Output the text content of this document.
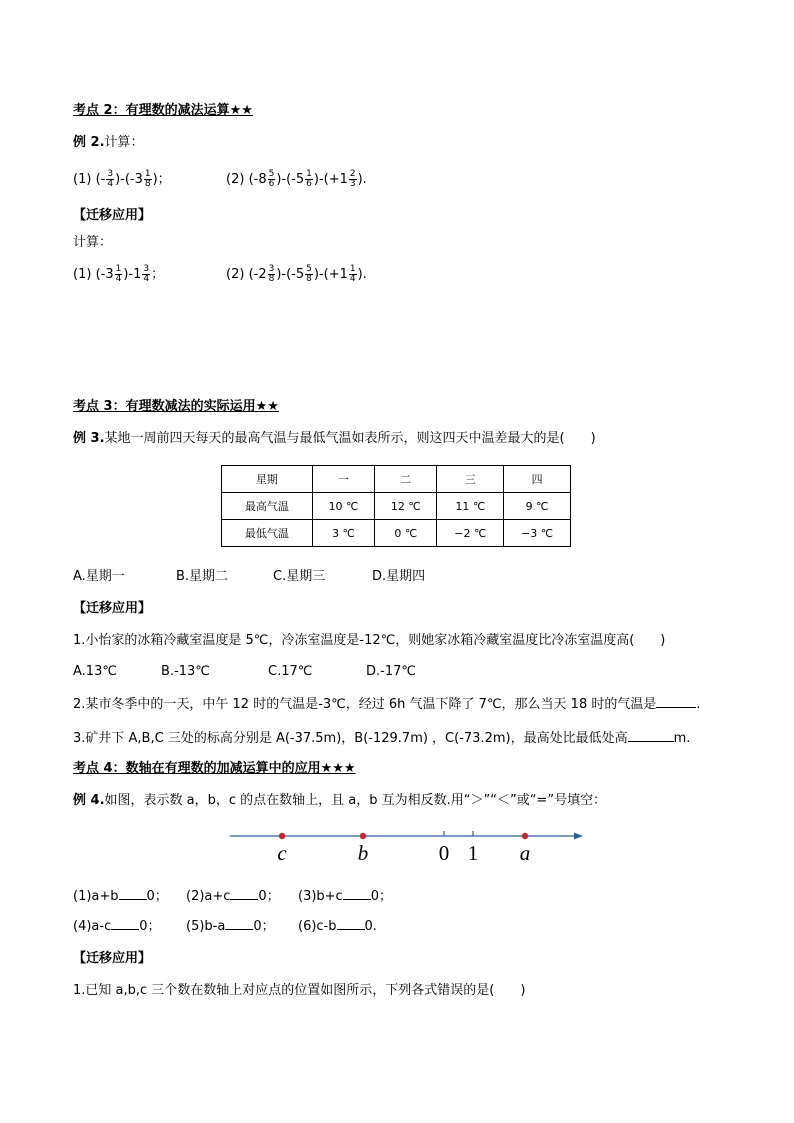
考点 2：有理数的减法运算★★
例 2.计算：
(1) (- $\frac{3}{4} )-(-3 \frac{1}{8}$ )；	(2) $(-8 \frac{5}{6} )-(-5 \frac{1}{6} )-(+1 \frac{2}{3}$ ).
【迁移应用】
计算：
(1) $(-3 \frac{1}{4} )-1 \frac{3}{4}$ ；	(2) $(-2 \frac{3}{8} )-(-5 \frac{5}{8} )-(+1 \frac{1}{4}$ ).
考点 3：有理数减法的实际运用★★
例 3.某地一周前四天每天的最高气温与最低气温如表所示，则这四天中温差最大的是(　　)
星期	一	二	三	四
最高气温	10 ℃	12 ℃	11 ℃	9 ℃
最低气温	3 ℃	0 ℃	−2 ℃	−3 ℃
A.星期一	B.星期二	C.星期三	D.星期四
【迁移应用】
1.小怡家的冰箱冷藏室温度是 5℃，冷冻室温度是-12℃，则她家冰箱冷藏室温度比冷冻室温度高(　　)
A.13℃	B.-13℃	C.17℃	D.-17℃
2.某市冬季中的一天，中午 12 时的气温是-3℃，经过 6h 气温下降了 7℃，那么当天 18 时的气温是	.
3.矿井下 A,B,C 三处的标高分别是 A(-37.5m)，B(-129.7m) ，C(-73.2m)，最高处比最低处高	m.
考点 4：数轴在有理数的加减运算中的应用★★★
例 4.如图，表示数 a，b，c 的点在数轴上，且 a，b 互为相反数.用“＞”“＜”或“=”号填空：
c	b	0 1 a
(1)a+b 0； (2)a+c 0； (3)b+c 0；
(4)a-c 0； (5)b-a 0； (6)c-b 0.
【迁移应用】
1.已知 a,b,c 三个数在数轴上对应点的位置如图所示，下列各式错误的是(　　)
